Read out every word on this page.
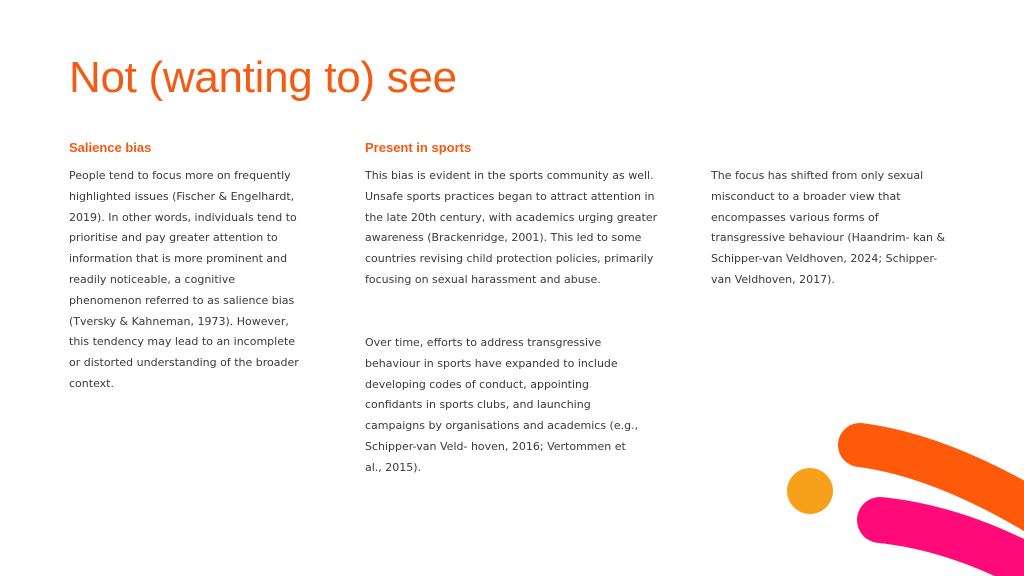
Not (wanting to) see
Salience bias
People tend to focus more on frequently
highlighted issues (Fischer & Engelhardt,
2019). In other words, individuals tend to
prioritise and pay greater attention to
information that is more prominent and
readily noticeable, a cognitive
phenomenon referred to as salience bias
(Tversky & Kahneman, 1973). However,
this tendency may lead to an incomplete
or distorted understanding of the broader
context.
Present in sports
This bias is evident in the sports community as well.
Unsafe sports practices began to attract attention in
the late 20th century, with academics urging greater
awareness (Brackenridge, 2001). This led to some
countries revising child protection policies, primarily
focusing on sexual harassment and abuse.
Over time, efforts to address transgressive
behaviour in sports have expanded to include
developing codes of conduct, appointing
confidants in sports clubs, and launching
campaigns by organisations and academics (e.g.,
Schipper-van Veld- hoven, 2016; Vertommen et
al., 2015).
The focus has shifted from only sexual
misconduct to a broader view that
encompasses various forms of
transgressive behaviour (Haandrim- kan &
Schipper-van Veldhoven, 2024; Schipper-
van Veldhoven, 2017).
